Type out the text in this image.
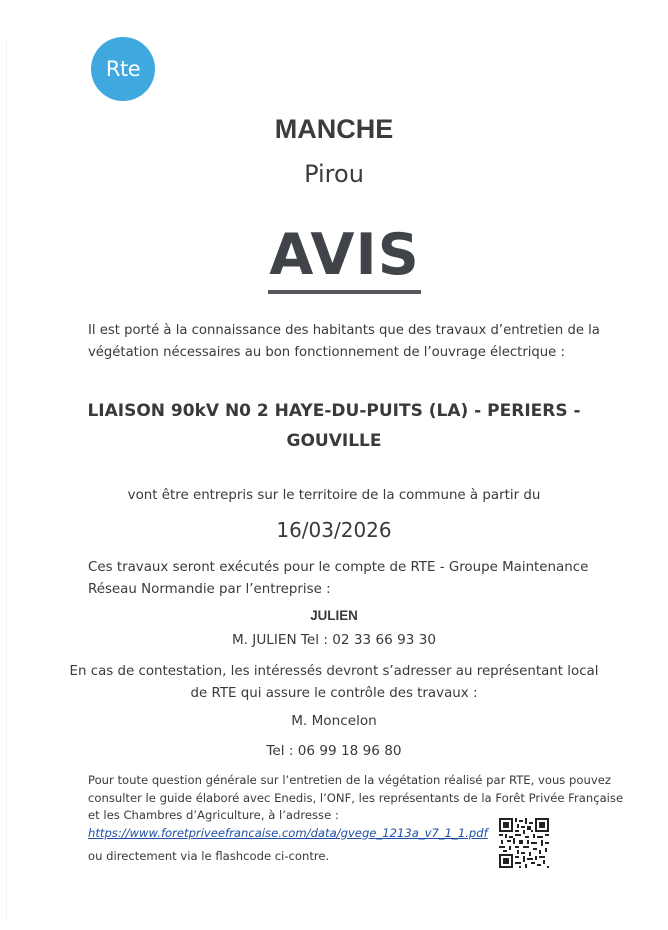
Rte
MANCHE
Pirou
AVIS
Il est porté à la connaissance des habitants que des travaux d’entretien de la végétation nécessaires au bon fonctionnement de l’ouvrage électrique :
LIAISON 90kV N0 2 HAYE-DU-PUITS (LA) - PERIERS -
GOUVILLE
vont être entrepris sur le territoire de la commune à partir du
16/03/2026
Ces travaux seront exécutés pour le compte de RTE - Groupe Maintenance Réseau Normandie par l’entreprise :
JULIEN
M. JULIEN Tel : 02 33 66 93 30
En cas de contestation, les intéressés devront s’adresser au représentant local
de RTE qui assure le contrôle des travaux :
M. Moncelon
Tel : 06 99 18 96 80
Pour toute question générale sur l’entretien de la végétation réalisé par RTE, vous pouvez consulter le guide élaboré avec Enedis, l’ONF, les représentants de la Forêt Privée Française et les Chambres d’Agriculture, à l’adresse :
https://www.foretpriveefrancaise.com/data/gvege_1213a_v7_1_1.pdf
ou directement via le flashcode ci-contre.
